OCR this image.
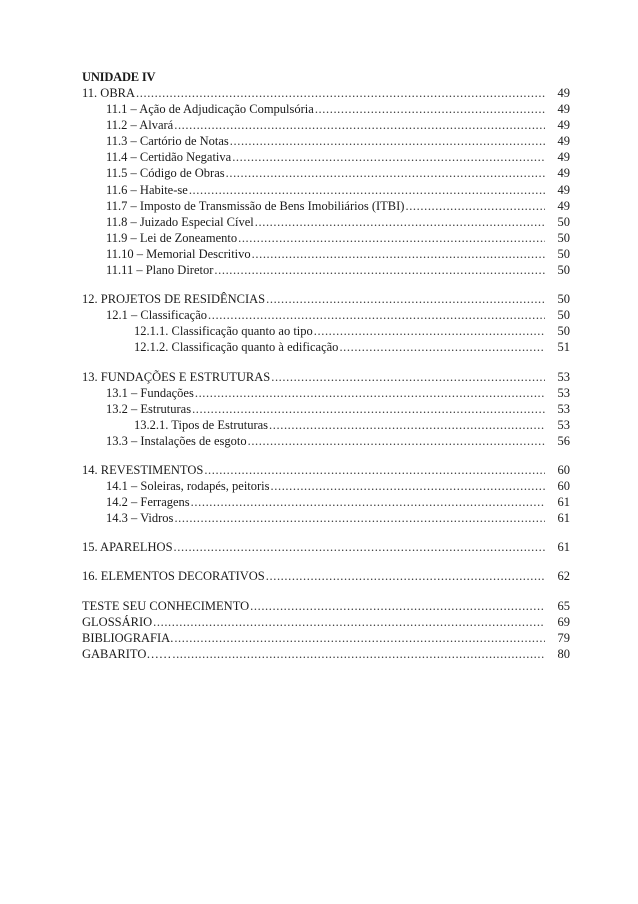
UNIDADE IV
11. OBRA .....	49
11.1 – Ação de Adjudicação Compulsória .....	49
11.2 – Alvará .....	49
11.3 – Cartório de Notas .....	49
11.4 – Certidão Negativa .....	49
11.5 – Código de Obras .....	49
11.6 – Habite-se .....	49
11.7 – Imposto de Transmissão de Bens Imobiliários (ITBI) .....	49
11.8 – Juizado Especial Cível .....	50
11.9 – Lei de Zoneamento .....	50
11.10 – Memorial Descritivo .....	50
11.11 – Plano Diretor .....	50
12. PROJETOS DE RESIDÊNCIAS .....	50
12.1 – Classificação .....	50
12.1.1. Classificação quanto ao tipo .....	50
12.1.2. Classificação quanto à edificação .....	51
13. FUNDAÇÕES E ESTRUTURAS .....	53
13.1 – Fundações .....	53
13.2 – Estruturas .....	53
13.2.1. Tipos de Estruturas .....	53
13.3 – Instalações de esgoto .....	56
14. REVESTIMENTOS .....	60
14.1 – Soleiras, rodapés, peitoris .....	60
14.2 – Ferragens .....	61
14.3 – Vidros .....	61
15. APARELHOS .....	61
16. ELEMENTOS DECORATIVOS .....	62
TESTE SEU CONHECIMENTO .....	65
GLOSSÁRIO .....	69
BIBLIOGRAFIA. .....	79
GABARITO…… .....	80
